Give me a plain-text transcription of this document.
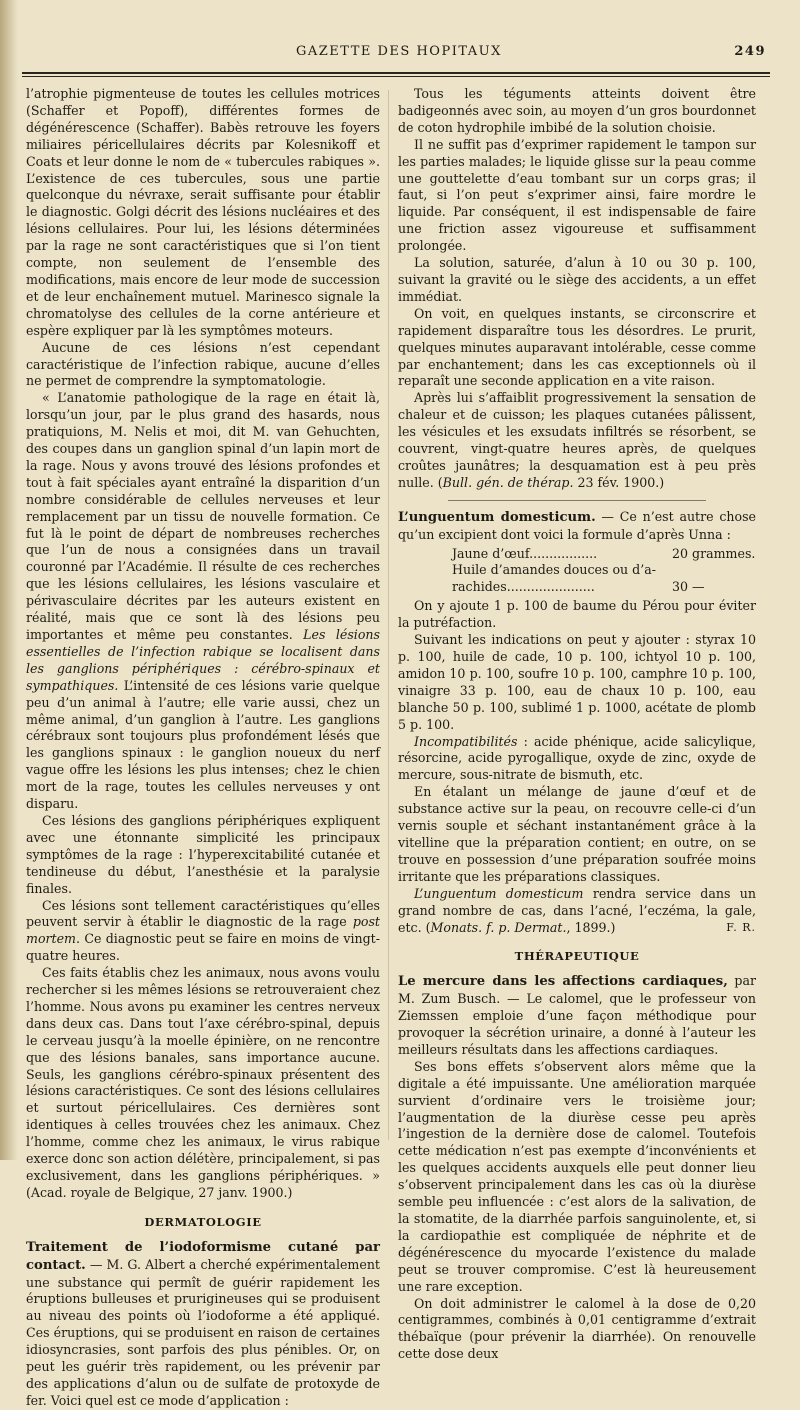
GAZETTE DES HOPITAUX	249

l’atrophie pigmenteuse de toutes les cellules motrices (Schaffer et Popoff), différentes formes de dégénérescence (Schaffer). Babès retrouve les foyers miliaires péricellulaires décrits par Kolesnikoff et Coats et leur donne le nom de « tubercules rabiques ». L’existence de ces tubercules, sous une partie quelconque du névraxe, serait suffisante pour établir le diagnostic. Golgi décrit des lésions nucléaires et des lésions cellulaires. Pour lui, les lésions déterminées par la rage ne sont caractéristiques que si l’on tient compte, non seulement de l’ensemble des modifications, mais encore de leur mode de succession et de leur enchaînement mutuel. Marinesco signale la chromatolyse des cellules de la corne antérieure et espère expliquer par là les symptômes moteurs.

Aucune de ces lésions n’est cependant caractéristique de l’infection rabique, aucune d’elles ne permet de comprendre la symptomatologie.

« L’anatomie pathologique de la rage en était là, lorsqu’un jour, par le plus grand des hasards, nous pratiquions, M. Nelis et moi, dit M. van Gehuchten, des coupes dans un ganglion spinal d’un lapin mort de la rage. Nous y avons trouvé des lésions profondes et tout à fait spéciales ayant entraîné la disparition d’un nombre considérable de cellules nerveuses et leur remplacement par un tissu de nouvelle formation. Ce fut là le point de départ de nombreuses recherches que l’un de nous a consignées dans un travail couronné par l’Académie. Il résulte de ces recherches que les lésions cellulaires, les lésions vasculaire et périvasculaire décrites par les auteurs existent en réalité, mais que ce sont là des lésions peu importantes et même peu constantes. Les lésions essentielles de l’infection rabique se localisent dans les ganglions périphériques : cérébro-spinaux et sympathiques. L’intensité de ces lésions varie quelque peu d’un animal à l’autre; elle varie aussi, chez un même animal, d’un ganglion à l’autre. Les ganglions cérébraux sont toujours plus profondément lésés que les ganglions spinaux : le ganglion noueux du nerf vague offre les lésions les plus intenses; chez le chien mort de la rage, toutes les cellules nerveuses y ont disparu.

Ces lésions des ganglions périphériques expliquent avec une étonnante simplicité les principaux symptômes de la rage : l’hyperexcitabilité cutanée et tendineuse du début, l’anesthésie et la paralysie finales.

Ces lésions sont tellement caractéristiques qu’elles peuvent servir à établir le diagnostic de la rage post mortem. Ce diagnostic peut se faire en moins de vingt-quatre heures.

Ces faits établis chez les animaux, nous avons voulu rechercher si les mêmes lésions se retrouveraient chez l’homme. Nous avons pu examiner les centres nerveux dans deux cas. Dans tout l’axe cérébro-spinal, depuis le cerveau jusqu’à la moelle épinière, on ne rencontre que des lésions banales, sans importance aucune. Seuls, les ganglions cérébro-spinaux présentent des lésions caractéristiques. Ce sont des lésions cellulaires et surtout péricellulaires. Ces dernières sont identiques à celles trouvées chez les animaux. Chez l’homme, comme chez les animaux, le virus rabique exerce donc son action délétère, principalement, si pas exclusivement, dans les ganglions périphériques. » (Acad. royale de Belgique, 27 janv. 1900.)

DERMATOLOGIE

Traitement de l’iodoformisme cutané par contact. — M. G. Albert a cherché expérimentalement une substance qui permît de guérir rapidement les éruptions bulleuses et prurigineuses qui se produisent au niveau des points où l’iodoforme a été appliqué. Ces éruptions, qui se produisent en raison de certaines idiosyncrasies, sont parfois des plus pénibles. Or, on peut les guérir très rapidement, ou les prévenir par des applications d’alun ou de sulfate de protoxyde de fer. Voici quel est ce mode d’application :

Tous les téguments atteints doivent être badigeonnés avec soin, au moyen d’un gros bourdonnet de coton hydrophile imbibé de la solution choisie.

Il ne suffit pas d’exprimer rapidement le tampon sur les parties malades; le liquide glisse sur la peau comme une gouttelette d’eau tombant sur un corps gras; il faut, si l’on peut s’exprimer ainsi, faire mordre le liquide. Par conséquent, il est indispensable de faire une friction assez vigoureuse et suffisamment prolongée.

La solution, saturée, d’alun à 10 ou 30 p. 100, suivant la gravité ou le siège des accidents, a un effet immédiat.

On voit, en quelques instants, se circonscrire et rapidement disparaître tous les désordres. Le prurit, quelques minutes auparavant intolérable, cesse comme par enchantement; dans les cas exceptionnels où il reparaît une seconde application en a vite raison.

Après lui s’affaiblit progressivement la sensation de chaleur et de cuisson; les plaques cutanées pâlissent, les vésicules et les exsudats infiltrés se résorbent, se couvrent, vingt-quatre heures après, de quelques croûtes jaunâtres; la desquamation est à peu près nulle. (Bull. gén. de thérap. 23 fév. 1900.)

L’unguentum domesticum. — Ce n’est autre chose qu’un excipient dont voici la formule d’après Unna :

Jaune d’œuf.................	20 grammes.
Huile d’amandes douces ou d’a-
rachides......................	30 —

On y ajoute 1 p. 100 de baume du Pérou pour éviter la putréfaction.

Suivant les indications on peut y ajouter : styrax 10 p. 100, huile de cade, 10 p. 100, ichtyol 10 p. 100, amidon 10 p. 100, soufre 10 p. 100, camphre 10 p. 100, vinaigre 33 p. 100, eau de chaux 10 p. 100, eau blanche 50 p. 100, sublimé 1 p. 1000, acétate de plomb 5 p. 100.

Incompatibilités : acide phénique, acide salicylique, résorcine, acide pyrogallique, oxyde de zinc, oxyde de mercure, sous-nitrate de bismuth, etc.

En étalant un mélange de jaune d’œuf et de substance active sur la peau, on recouvre celle-ci d’un vernis souple et séchant instantanément grâce à la vitelline que la préparation contient; en outre, on se trouve en possession d’une préparation soufrée moins irritante que les préparations classiques.

L’unguentum domesticum rendra service dans un grand nombre de cas, dans l’acné, l’eczéma, la gale, etc. (Monats. f. p. Dermat., 1899.)	F. R.

THÉRAPEUTIQUE

Le mercure dans les affections cardiaques, par M. Zum Busch. — Le calomel, que le professeur von Ziemssen emploie d’une façon méthodique pour provoquer la sécrétion urinaire, a donné à l’auteur les meilleurs résultats dans les affections cardiaques.

Ses bons effets s’observent alors même que la digitale a été impuissante. Une amélioration marquée survient d’ordinaire vers le troisième jour; l’augmentation de la diurèse cesse peu après l’ingestion de la dernière dose de calomel. Toutefois cette médication n’est pas exempte d’inconvénients et les quelques accidents auxquels elle peut donner lieu s’observent principalement dans les cas où la diurèse semble peu influencée : c’est alors de la salivation, de la stomatite, de la diarrhée parfois sanguinolente, et, si la cardiopathie est compliquée de néphrite et de dégénérescence du myocarde l’existence du malade peut se trouver compromise. C’est là heureusement une rare exception.

On doit administrer le calomel à la dose de 0,20 centigrammes, combinés à 0,01 centigramme d’extrait thébaïque (pour prévenir la diarrhée). On renouvelle cette dose deux
